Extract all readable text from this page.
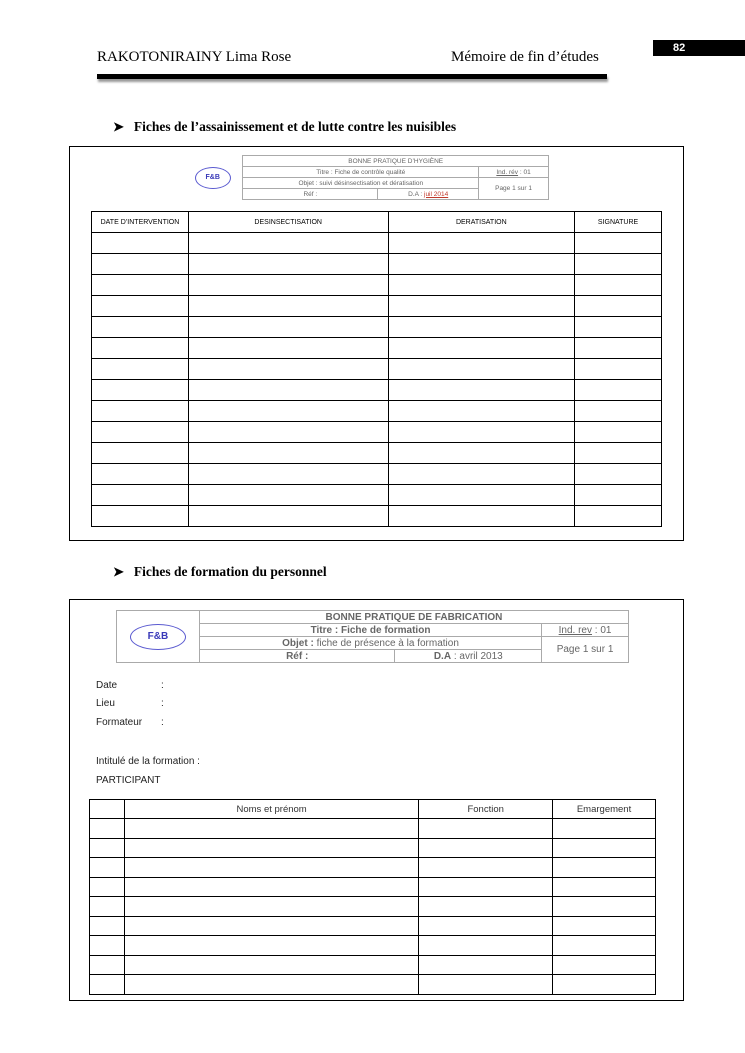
82
RAKOTONIRAINY Lima Rose	Mémoire de fin d’études
➤ Fiches de l’assainissement et de lutte contre les nuisibles
F&B	BONNE PRATIQUE D’HYGIÈNE		
	Titre : Fiche de contrôle qualité		Ind. rév : 01
	Objet : suivi désinsectisation et dératisation		Page 1 sur 1
	Réf :	D.A : juil 2014	
DATE D’INTERVENTION	DESINSECTISATION	DERATISATION	SIGNATURE

➤ Fiches de formation du personnel
F&B	BONNE PRATIQUE DE FABRICATION		
	Titre : Fiche de formation		Ind. rev : 01
	Objet : fiche de présence à la formation		Page 1 sur 1
	Réf :	D.A : avril 2013	
Date	:
Lieu	:
Formateur :
Intitulé de la formation :
PARTICIPANT
	Noms et prénom	Fonction	Emargement
